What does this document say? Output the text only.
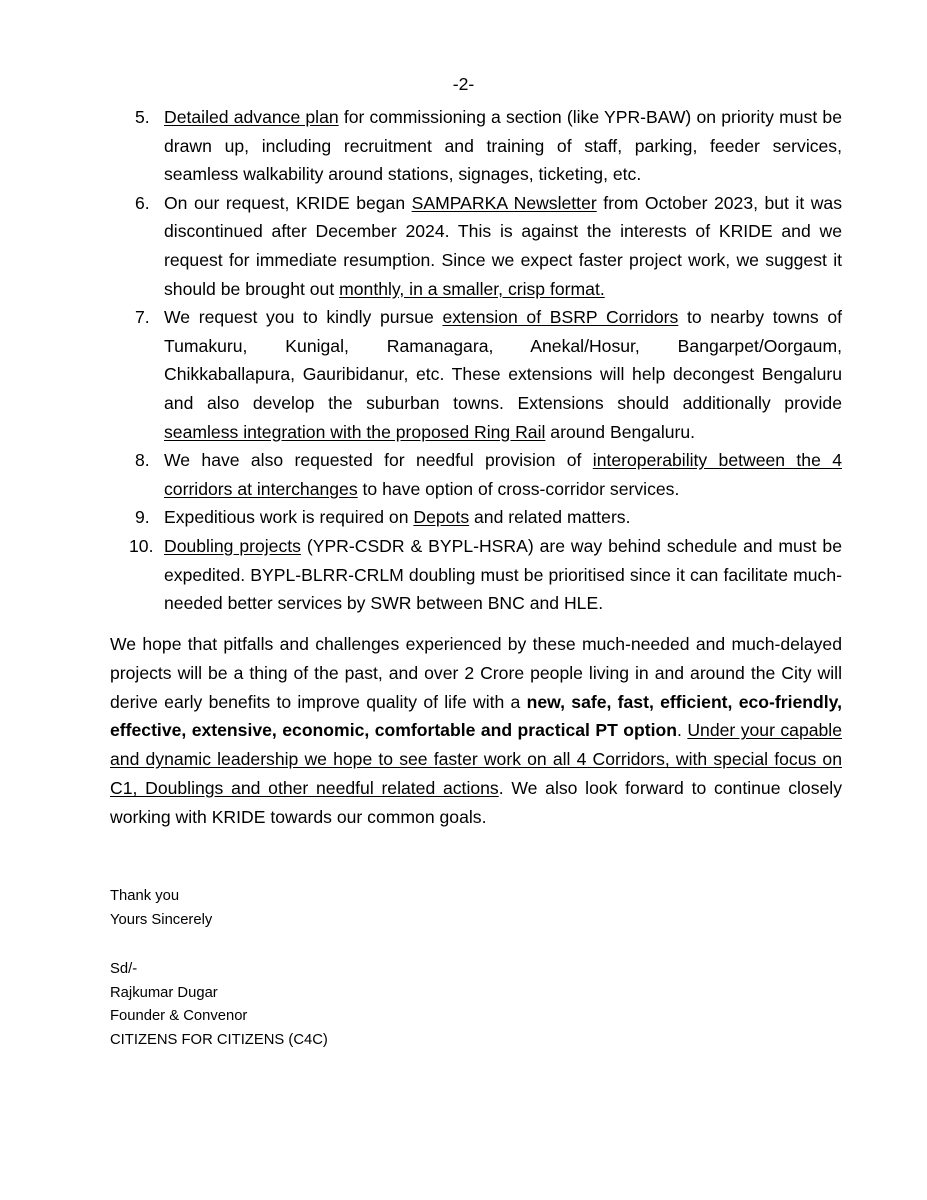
-2-
5. Detailed advance plan for commissioning a section (like YPR-BAW) on priority must be drawn up, including recruitment and training of staff, parking, feeder services, seamless walkability around stations, signages, ticketing, etc.
6. On our request, KRIDE began SAMPARKA Newsletter from October 2023, but it was discontinued after December 2024. This is against the interests of KRIDE and we request for immediate resumption. Since we expect faster project work, we suggest it should be brought out monthly, in a smaller, crisp format.
7. We request you to kindly pursue extension of BSRP Corridors to nearby towns of Tumakuru, Kunigal, Ramanagara, Anekal/Hosur, Bangarpet/Oorgaum, Chikkaballapura, Gauribidanur, etc. These extensions will help decongest Bengaluru and also develop the suburban towns. Extensions should additionally provide seamless integration with the proposed Ring Rail around Bengaluru.
8. We have also requested for needful provision of interoperability between the 4 corridors at interchanges to have option of cross-corridor services.
9. Expeditious work is required on Depots and related matters.
10. Doubling projects (YPR-CSDR & BYPL-HSRA) are way behind schedule and must be expedited. BYPL-BLRR-CRLM doubling must be prioritised since it can facilitate much-needed better services by SWR between BNC and HLE.

We hope that pitfalls and challenges experienced by these much-needed and much-delayed projects will be a thing of the past, and over 2 Crore people living in and around the City will derive early benefits to improve quality of life with a new, safe, fast, efficient, eco-friendly, effective, extensive, economic, comfortable and practical PT option. Under your capable and dynamic leadership we hope to see faster work on all 4 Corridors, with special focus on C1, Doublings and other needful related actions. We also look forward to continue closely working with KRIDE towards our common goals.

Thank you
Yours Sincerely
Sd/-
Rajkumar Dugar
Founder & Convenor
CITIZENS FOR CITIZENS (C4C)
